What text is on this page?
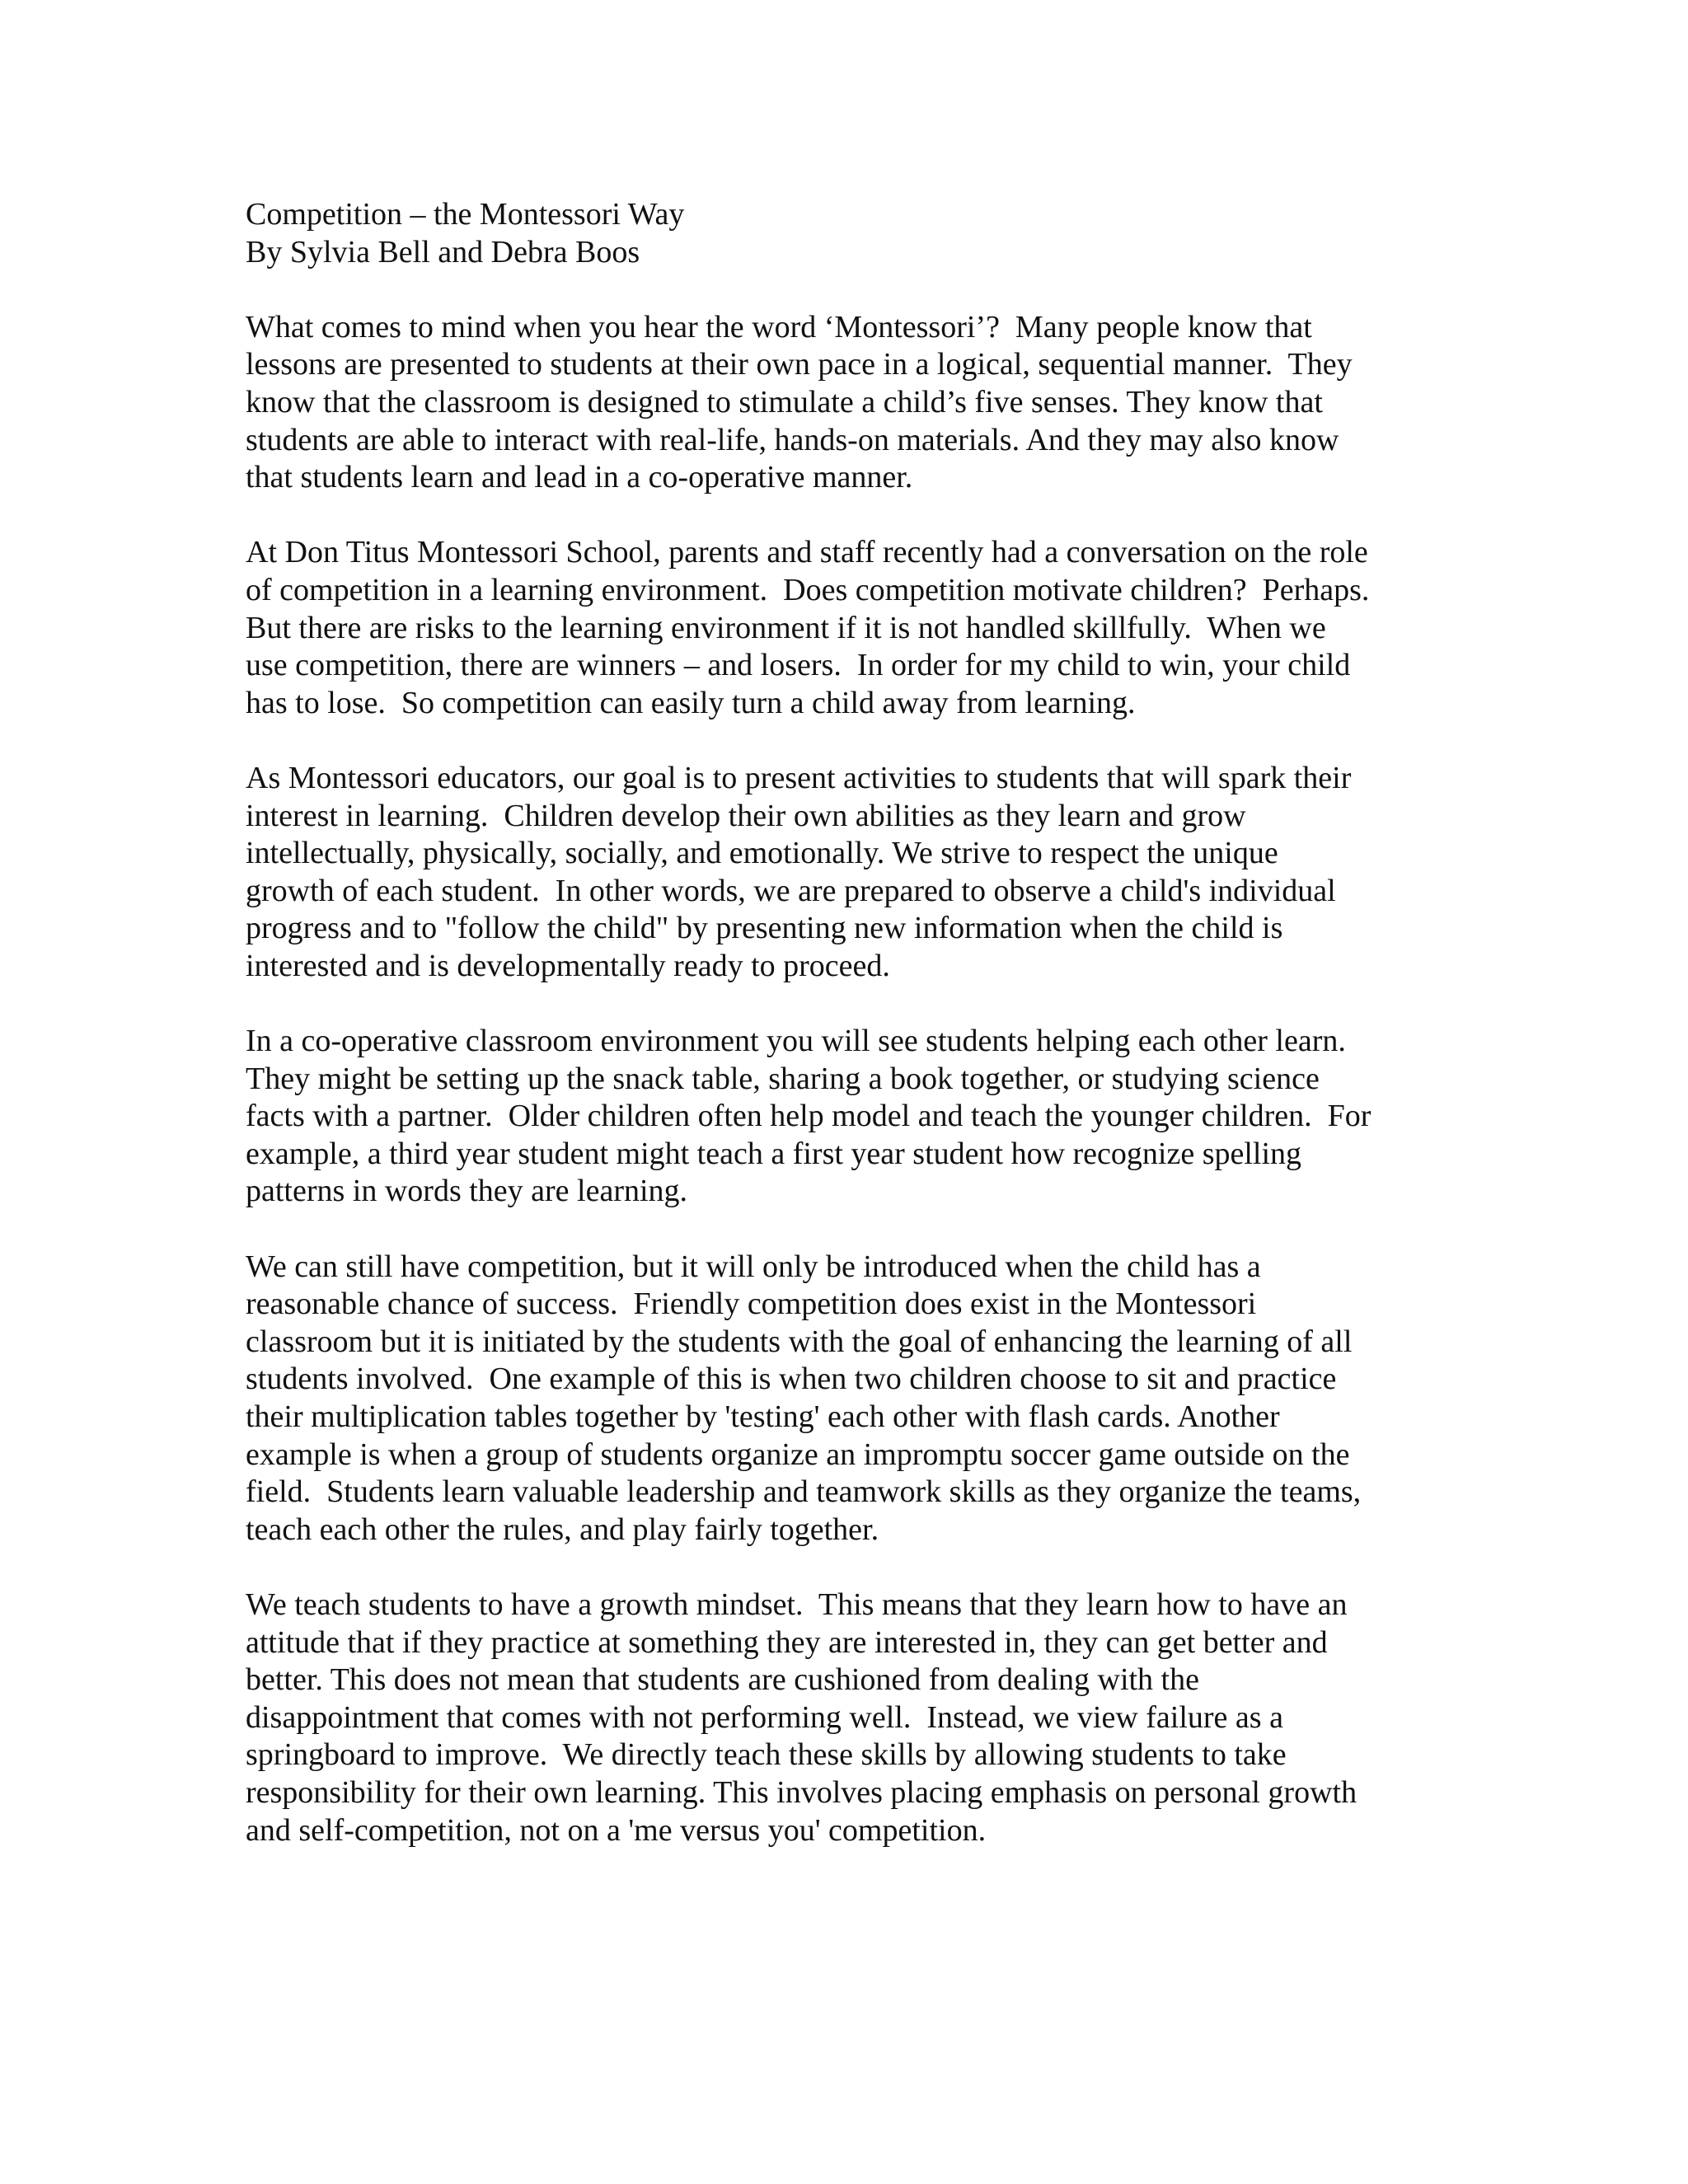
Competition – the Montessori Way
By Sylvia Bell and Debra Boos
What comes to mind when you hear the word ‘Montessori’?  Many people know that
lessons are presented to students at their own pace in a logical, sequential manner.  They
know that the classroom is designed to stimulate a child’s five senses. They know that
students are able to interact with real-life, hands-on materials. And they may also know
that students learn and lead in a co-operative manner.
At Don Titus Montessori School, parents and staff recently had a conversation on the role
of competition in a learning environment.  Does competition motivate children?  Perhaps.
But there are risks to the learning environment if it is not handled skillfully.  When we
use competition, there are winners – and losers.  In order for my child to win, your child
has to lose.  So competition can easily turn a child away from learning.
As Montessori educators, our goal is to present activities to students that will spark their
interest in learning.  Children develop their own abilities as they learn and grow
intellectually, physically, socially, and emotionally. We strive to respect the unique
growth of each student.  In other words, we are prepared to observe a child's individual
progress and to "follow the child" by presenting new information when the child is
interested and is developmentally ready to proceed.
In a co-operative classroom environment you will see students helping each other learn.
They might be setting up the snack table, sharing a book together, or studying science
facts with a partner.  Older children often help model and teach the younger children.  For
example, a third year student might teach a first year student how recognize spelling
patterns in words they are learning.
We can still have competition, but it will only be introduced when the child has a
reasonable chance of success.  Friendly competition does exist in the Montessori
classroom but it is initiated by the students with the goal of enhancing the learning of all
students involved.  One example of this is when two children choose to sit and practice
their multiplication tables together by 'testing' each other with flash cards. Another
example is when a group of students organize an impromptu soccer game outside on the
field.  Students learn valuable leadership and teamwork skills as they organize the teams,
teach each other the rules, and play fairly together.
We teach students to have a growth mindset.  This means that they learn how to have an
attitude that if they practice at something they are interested in, they can get better and
better. This does not mean that students are cushioned from dealing with the
disappointment that comes with not performing well.  Instead, we view failure as a
springboard to improve.  We directly teach these skills by allowing students to take
responsibility for their own learning. This involves placing emphasis on personal growth
and self-competition, not on a 'me versus you' competition.
